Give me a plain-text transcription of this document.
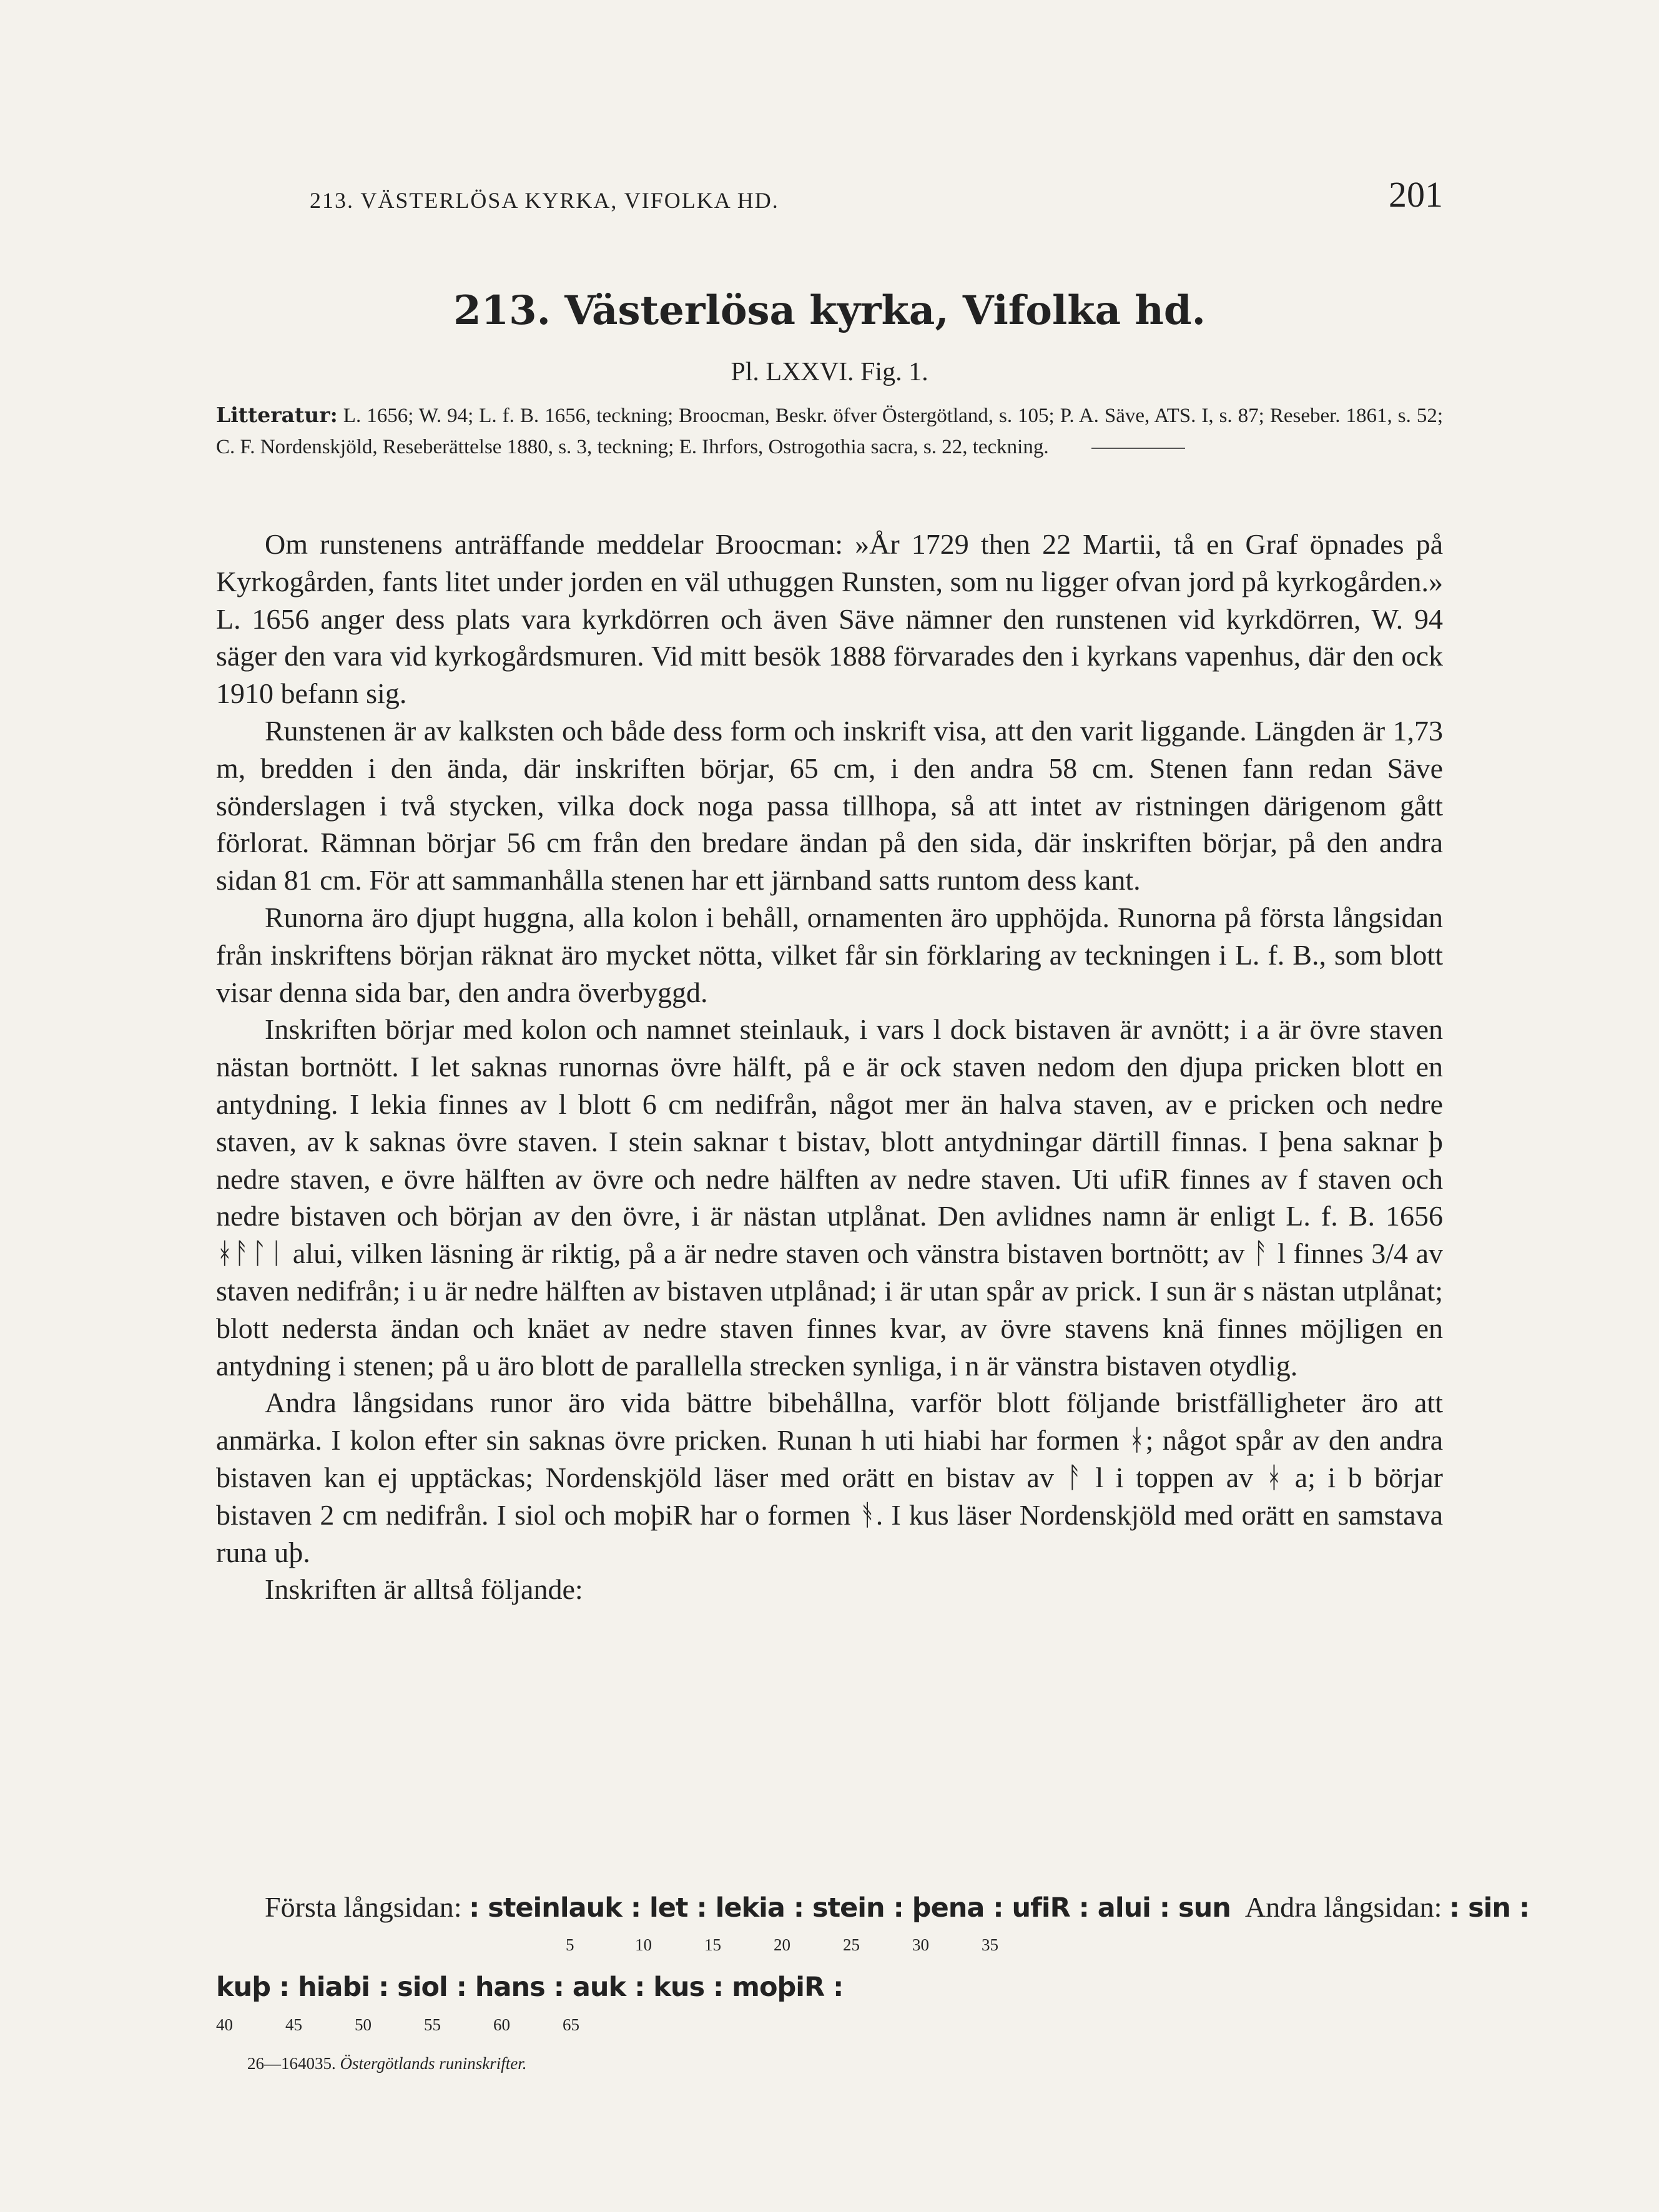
213. VÄSTERLÖSA KYRKA, VIFOLKA HD.	201
213. Västerlösa kyrka, Vifolka hd.
Pl. LXXVI. Fig. 1.
Litteratur: L. 1656; W. 94; L. f. B. 1656, teckning; Broocman, Beskr. öfver Östergötland, s. 105; P. A. Säve, ATS. I, s. 87; Reseber. 1861, s. 52; C. F. Nordenskjöld, Reseberättelse 1880, s. 3, teckning; E. Ihrfors, Ostrogothia sacra, s. 22, teckning.

Om runstenens anträffande meddelar Broocman: »År 1729 then 22 Martii, tå en Graf öpnades på Kyrkogården, fants litet under jorden en väl uthuggen Runsten, som nu ligger ofvan jord på kyrkogården.» L. 1656 anger dess plats vara kyrkdörren och även Säve nämner den runstenen vid kyrkdörren, W. 94 säger den vara vid kyrkogårdsmuren. Vid mitt besök 1888 förvarades den i kyrkans vapenhus, där den ock 1910 befann sig.

Runstenen är av kalksten och både dess form och inskrift visa, att den varit liggande. Längden är 1,73 m, bredden i den ända, där inskriften börjar, 65 cm, i den andra 58 cm. Stenen fann redan Säve sönderslagen i två stycken, vilka dock noga passa tillhopa, så att intet av ristningen därigenom gått förlorat. Rämnan börjar 56 cm från den bredare ändan på den sida, där inskriften börjar, på den andra sidan 81 cm. För att sammanhålla stenen har ett järnband satts runtom dess kant.

Runorna äro djupt huggna, alla kolon i behåll, ornamenten äro upphöjda. Runorna på första långsidan från inskriftens början räknat äro mycket nötta, vilket får sin förklaring av teckningen i L. f. B., som blott visar denna sida bar, den andra överbyggd.

Inskriften börjar med kolon och namnet steinlauk, i vars l dock bistaven är avnött; i a är övre staven nästan bortnött. I let saknas runornas övre hälft, på e är ock staven nedom den djupa pricken blott en antydning. I lekia finnes av l blott 6 cm nedifrån, något mer än halva staven, av e pricken och nedre staven, av k saknas övre staven. I stein saknar t bistav, blott antydningar därtill finnas. I þena saknar þ nedre staven, e övre hälften av övre och nedre hälften av nedre staven. Uti ufiR finnes av f staven och nedre bistaven och början av den övre, i är nästan utplånat. Den avlidnes namn är enligt L. f. B. 1656 ᚼᚨᛚᛁ alui, vilken läsning är riktig, på a är nedre staven och vänstra bistaven bortnött; av ᚨ l finnes 3/4 av staven nedifrån; i u är nedre hälften av bistaven utplånad; i är utan spår av prick. I sun är s nästan utplånat; blott nedersta ändan och knäet av nedre staven finnes kvar, av övre stavens knä finnes möjligen en antydning i stenen; på u äro blott de parallella strecken synliga, i n är vänstra bistaven otydlig.

Andra långsidans runor äro vida bättre bibehållna, varför blott följande bristfälligheter äro att anmärka. I kolon efter sin saknas övre pricken. Runan h uti hiabi har formen ᚼ; något spår av den andra bistaven kan ej upptäckas; Nordenskjöld läser med orätt en bistav av ᚨ l i toppen av ᚼ a; i b börjar bistaven 2 cm nedifrån. I siol och moþiR har o formen ᚬ. I kus läser Nordenskjöld med orätt en samstava runa uþ.

Inskriften är alltså följande:

Första långsidan: : steinlauk : let : lekia : stein : þena : ufiR : alui : sun Andra långsidan: : sin :
5	10	15	20	25	30	35
kuþ : hiabi : siol : hans : auk : kus : moþiR :
40	45	50	55	60	65
26—164035. Östergötlands runinskrifter.
